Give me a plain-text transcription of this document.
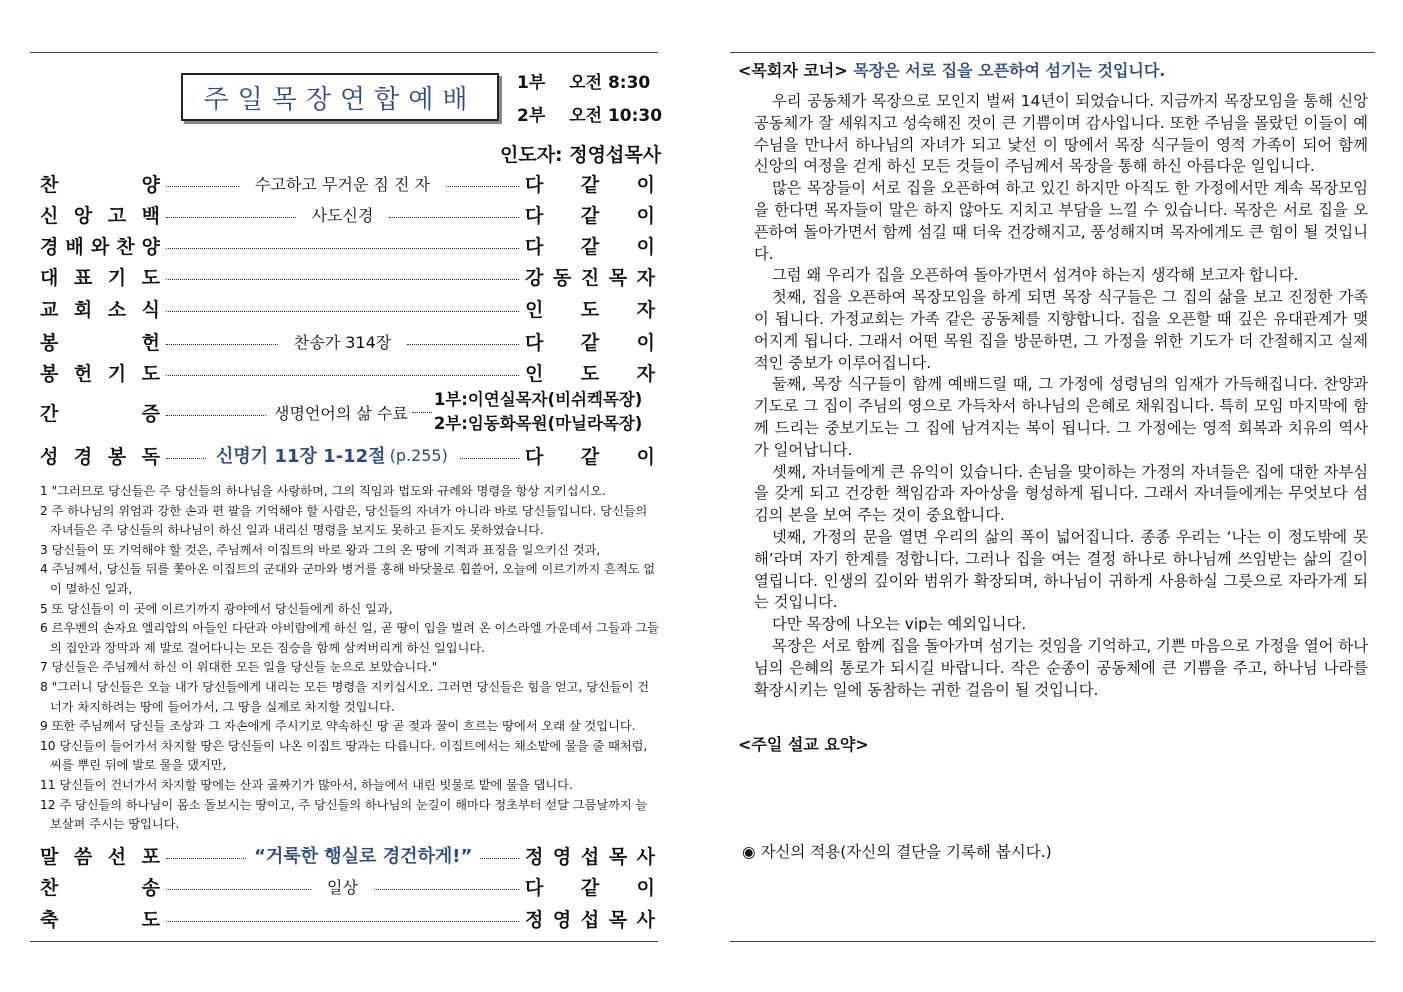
주일목장연합예배
1부 오전 8:30
2부 오전 10:30
인도자: 정영섭목사
찬	양	수고하고 무거운 짐 진 자	다 같 이
신 앙 고 백	사도신경	다 같 이
경 배 와 찬 양	다 같 이
대 표 기 도	강 동 진 목 자
교 회 소 식	인 도 자
봉	헌	찬송가 314장	다 같 이
봉 헌 기 도	인 도 자
간	증	생명언어의 삶 수료
1부:이연실목자(비쉬켁목장)
2부:임동화목원(마닐라목장)
성 경 봉 독	신명기 11장 1-12절 (p.255)	다 같 이
1 "그러므로 당신들은 주 당신들의 하나님을 사랑하며, 그의 직임과 법도와 규례와 명령을 항상 지키십시오.
2 주 하나님의 위엄과 강한 손과 편 팔을 기억해야 할 사람은, 당신들의 자녀가 아니라 바로 당신들입니다. 당신들의 자녀들은 주 당신들의 하나님이 하신 일과 내리신 명령을 보지도 못하고 듣지도 못하였습니다.
3 당신들이 또 기억해야 할 것은, 주님께서 이집트의 바로 왕과 그의 온 땅에 기적과 표징을 일으키신 것과,
4 주님께서, 당신들 뒤를 쫓아온 이집트의 군대와 군마와 병거를 홍해 바닷물로 휩쓸어, 오늘에 이르기까지 흔적도 없이 멸하신 일과,
5 또 당신들이 이 곳에 이르기까지 광야에서 당신들에게 하신 일과,
6 르우벤의 손자요 엘리압의 아들인 다단과 아비람에게 하신 일, 곧 땅이 입을 벌려 온 이스라엘 가운데서 그들과 그들의 집안과 장막과 제 발로 걸어다니는 모든 짐승을 함께 삼켜버리게 하신 일입니다.
7 당신들은 주님께서 하신 이 위대한 모든 일을 당신들 눈으로 보았습니다."
8 "그러니 당신들은 오늘 내가 당신들에게 내리는 모든 명령을 지키십시오. 그러면 당신들은 힘을 얻고, 당신들이 건너가 차지하려는 땅에 들어가서, 그 땅을 실제로 차지할 것입니다.
9 또한 주님께서 당신들 조상과 그 자손에게 주시기로 약속하신 땅 곧 젖과 꿀이 흐르는 땅에서 오래 살 것입니다.
10 당신들이 들어가서 차지할 땅은 당신들이 나온 이집트 땅과는 다릅니다. 이집트에서는 채소밭에 물을 줄 때처럼, 씨를 뿌린 뒤에 발로 물을 댔지만,
11 당신들이 건너가서 차지할 땅에는 산과 골짜기가 많아서, 하늘에서 내린 빗물로 밭에 물을 댑니다.
12 주 당신들의 하나님이 몸소 돌보시는 땅이고, 주 당신들의 하나님의 눈길이 해마다 정초부터 섣달 그믐날까지 늘 보살펴 주시는 땅입니다.
말 씀 선 포	“거룩한 행실로 경건하게!”	정 영 섭 목 사
찬	송	일상	다 같 이
축	도	정 영 섭 목 사
<목회자 코너> 목장은 서로 집을 오픈하여 섬기는 것입니다.

우리 공동체가 목장으로 모인지 벌써 14년이 되었습니다. 지금까지 목장모임을 통해 신앙 공동체가 잘 세워지고 성숙해진 것이 큰 기쁨이며 감사입니다. 또한 주님을 몰랐던 이들이 예수님을 만나서 하나님의 자녀가 되고 낯선 이 땅에서 목장 식구들이 영적 가족이 되어 함께 신앙의 여정을 걷게 하신 모든 것들이 주님께서 목장을 통해 하신 아름다운 일입니다.

많은 목장들이 서로 집을 오픈하여 하고 있긴 하지만 아직도 한 가정에서만 계속 목장모임을 한다면 목자들이 말은 하지 않아도 지치고 부담을 느낄 수 있습니다. 목장은 서로 집을 오픈하여 돌아가면서 함께 섬길 때 더욱 건강해지고, 풍성해지며 목자에게도 큰 힘이 될 것입니다.

그럼 왜 우리가 집을 오픈하여 돌아가면서 섬겨야 하는지 생각해 보고자 합니다.

첫째, 집을 오픈하여 목장모임을 하게 되면 목장 식구들은 그 집의 삶을 보고 진정한 가족이 됩니다. 가정교회는 가족 같은 공동체를 지향합니다. 집을 오픈할 때 깊은 유대관계가 맺어지게 됩니다. 그래서 어떤 목원 집을 방문하면, 그 가정을 위한 기도가 더 간절해지고 실제적인 중보가 이루어집니다.

둘째, 목장 식구들이 함께 예배드릴 때, 그 가정에 성령님의 임재가 가득해집니다. 찬양과 기도로 그 집이 주님의 영으로 가득차서 하나님의 은혜로 채워집니다. 특히 모임 마지막에 함께 드리는 중보기도는 그 집에 남겨지는 복이 됩니다. 그 가정에는 영적 회복과 치유의 역사가 일어납니다.

셋째, 자녀들에게 큰 유익이 있습니다. 손님을 맞이하는 가정의 자녀들은 집에 대한 자부심을 갖게 되고 건강한 책임감과 자아상을 형성하게 됩니다. 그래서 자녀들에게는 무엇보다 섬김의 본을 보여 주는 것이 중요합니다.

넷째, 가정의 문을 열면 우리의 삶의 폭이 넓어집니다. 종종 우리는 ‘나는 이 정도밖에 못 해’라며 자기 한계를 정합니다. 그러나 집을 여는 결정 하나로 하나님께 쓰임받는 삶의 길이 열립니다. 인생의 깊이와 범위가 확장되며, 하나님이 귀하게 사용하실 그릇으로 자라가게 되는 것입니다.

다만 목장에 나오는 vip는 예외입니다.

목장은 서로 함께 집을 돌아가며 섬기는 것임을 기억하고, 기쁜 마음으로 가정을 열어 하나님의 은혜의 통로가 되시길 바랍니다. 작은 순종이 공동체에 큰 기쁨을 주고, 하나님 나라를 확장시키는 일에 동참하는 귀한 걸음이 될 것입니다.

<주일 설교 요약>
◉ 자신의 적용(자신의 결단을 기록해 봅시다.)
